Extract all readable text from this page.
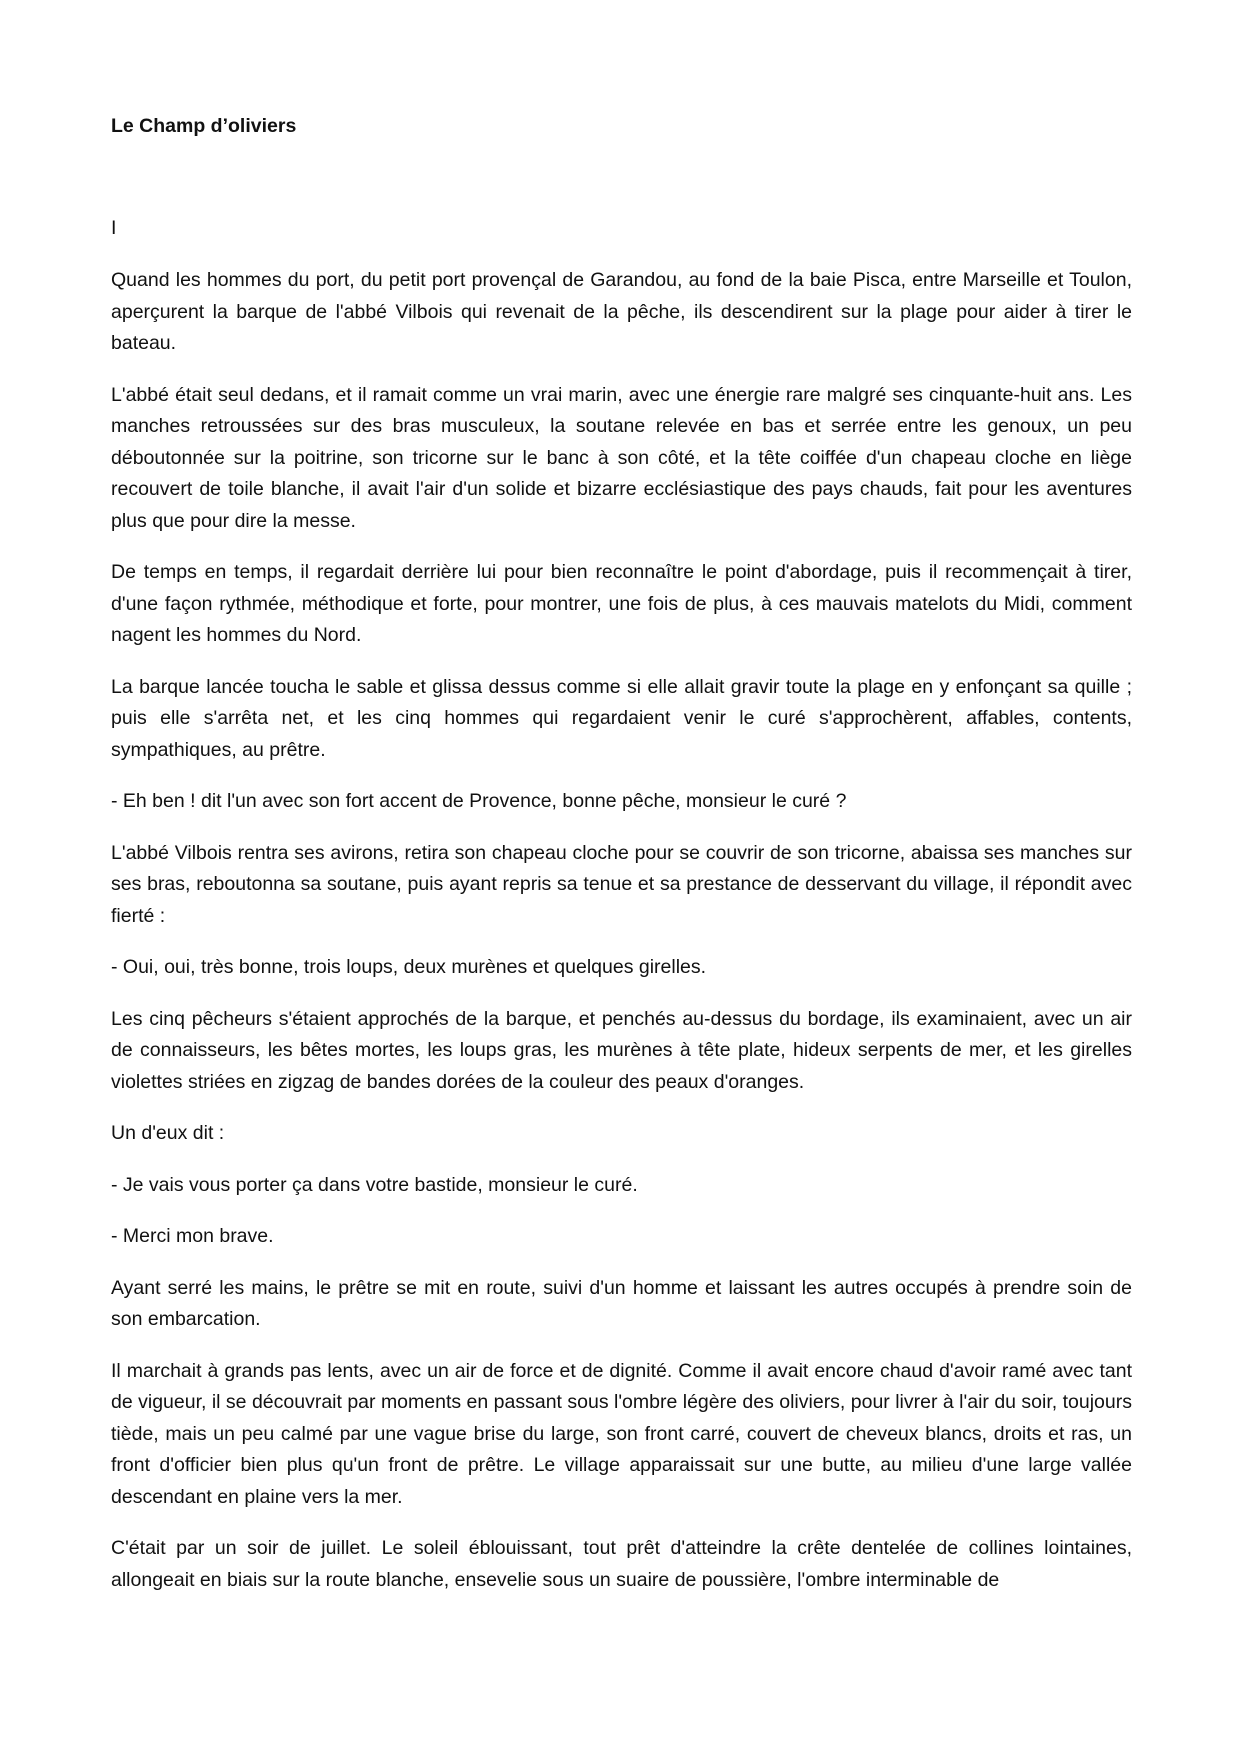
Le Champ d’oliviers
I

Quand les hommes du port, du petit port provençal de Garandou, au fond de la baie Pisca, entre Marseille et Toulon, aperçurent la barque de l'abbé Vilbois qui revenait de la pêche, ils descendirent sur la plage pour aider à tirer le bateau.

L'abbé était seul dedans, et il ramait comme un vrai marin, avec une énergie rare malgré ses cinquante-huit ans. Les manches retroussées sur des bras musculeux, la soutane relevée en bas et serrée entre les genoux, un peu déboutonnée sur la poitrine, son tricorne sur le banc à son côté, et la tête coiffée d'un chapeau cloche en liège recouvert de toile blanche, il avait l'air d'un solide et bizarre ecclésiastique des pays chauds, fait pour les aventures plus que pour dire la messe.

De temps en temps, il regardait derrière lui pour bien reconnaître le point d'abordage, puis il recommençait à tirer, d'une façon rythmée, méthodique et forte, pour montrer, une fois de plus, à ces mauvais matelots du Midi, comment nagent les hommes du Nord.

La barque lancée toucha le sable et glissa dessus comme si elle allait gravir toute la plage en y enfonçant sa quille ; puis elle s'arrêta net, et les cinq hommes qui regardaient venir le curé s'approchèrent, affables, contents, sympathiques, au prêtre.

- Eh ben ! dit l'un avec son fort accent de Provence, bonne pêche, monsieur le curé ?

L'abbé Vilbois rentra ses avirons, retira son chapeau cloche pour se couvrir de son tricorne, abaissa ses manches sur ses bras, reboutonna sa soutane, puis ayant repris sa tenue et sa prestance de desservant du village, il répondit avec fierté :

- Oui, oui, très bonne, trois loups, deux murènes et quelques girelles.

Les cinq pêcheurs s'étaient approchés de la barque, et penchés au-dessus du bordage, ils examinaient, avec un air de connaisseurs, les bêtes mortes, les loups gras, les murènes à tête plate, hideux serpents de mer, et les girelles violettes striées en zigzag de bandes dorées de la couleur des peaux d'oranges.

Un d'eux dit :

- Je vais vous porter ça dans votre bastide, monsieur le curé.

- Merci mon brave.

Ayant serré les mains, le prêtre se mit en route, suivi d'un homme et laissant les autres occupés à prendre soin de son embarcation.

Il marchait à grands pas lents, avec un air de force et de dignité. Comme il avait encore chaud d'avoir ramé avec tant de vigueur, il se découvrait par moments en passant sous l'ombre légère des oliviers, pour livrer à l'air du soir, toujours tiède, mais un peu calmé par une vague brise du large, son front carré, couvert de cheveux blancs, droits et ras, un front d'officier bien plus qu'un front de prêtre. Le village apparaissait sur une butte, au milieu d'une large vallée descendant en plaine vers la mer.

C'était par un soir de juillet. Le soleil éblouissant, tout prêt d'atteindre la crête dentelée de collines lointaines, allongeait en biais sur la route blanche, ensevelie sous un suaire de poussière, l'ombre interminable de
